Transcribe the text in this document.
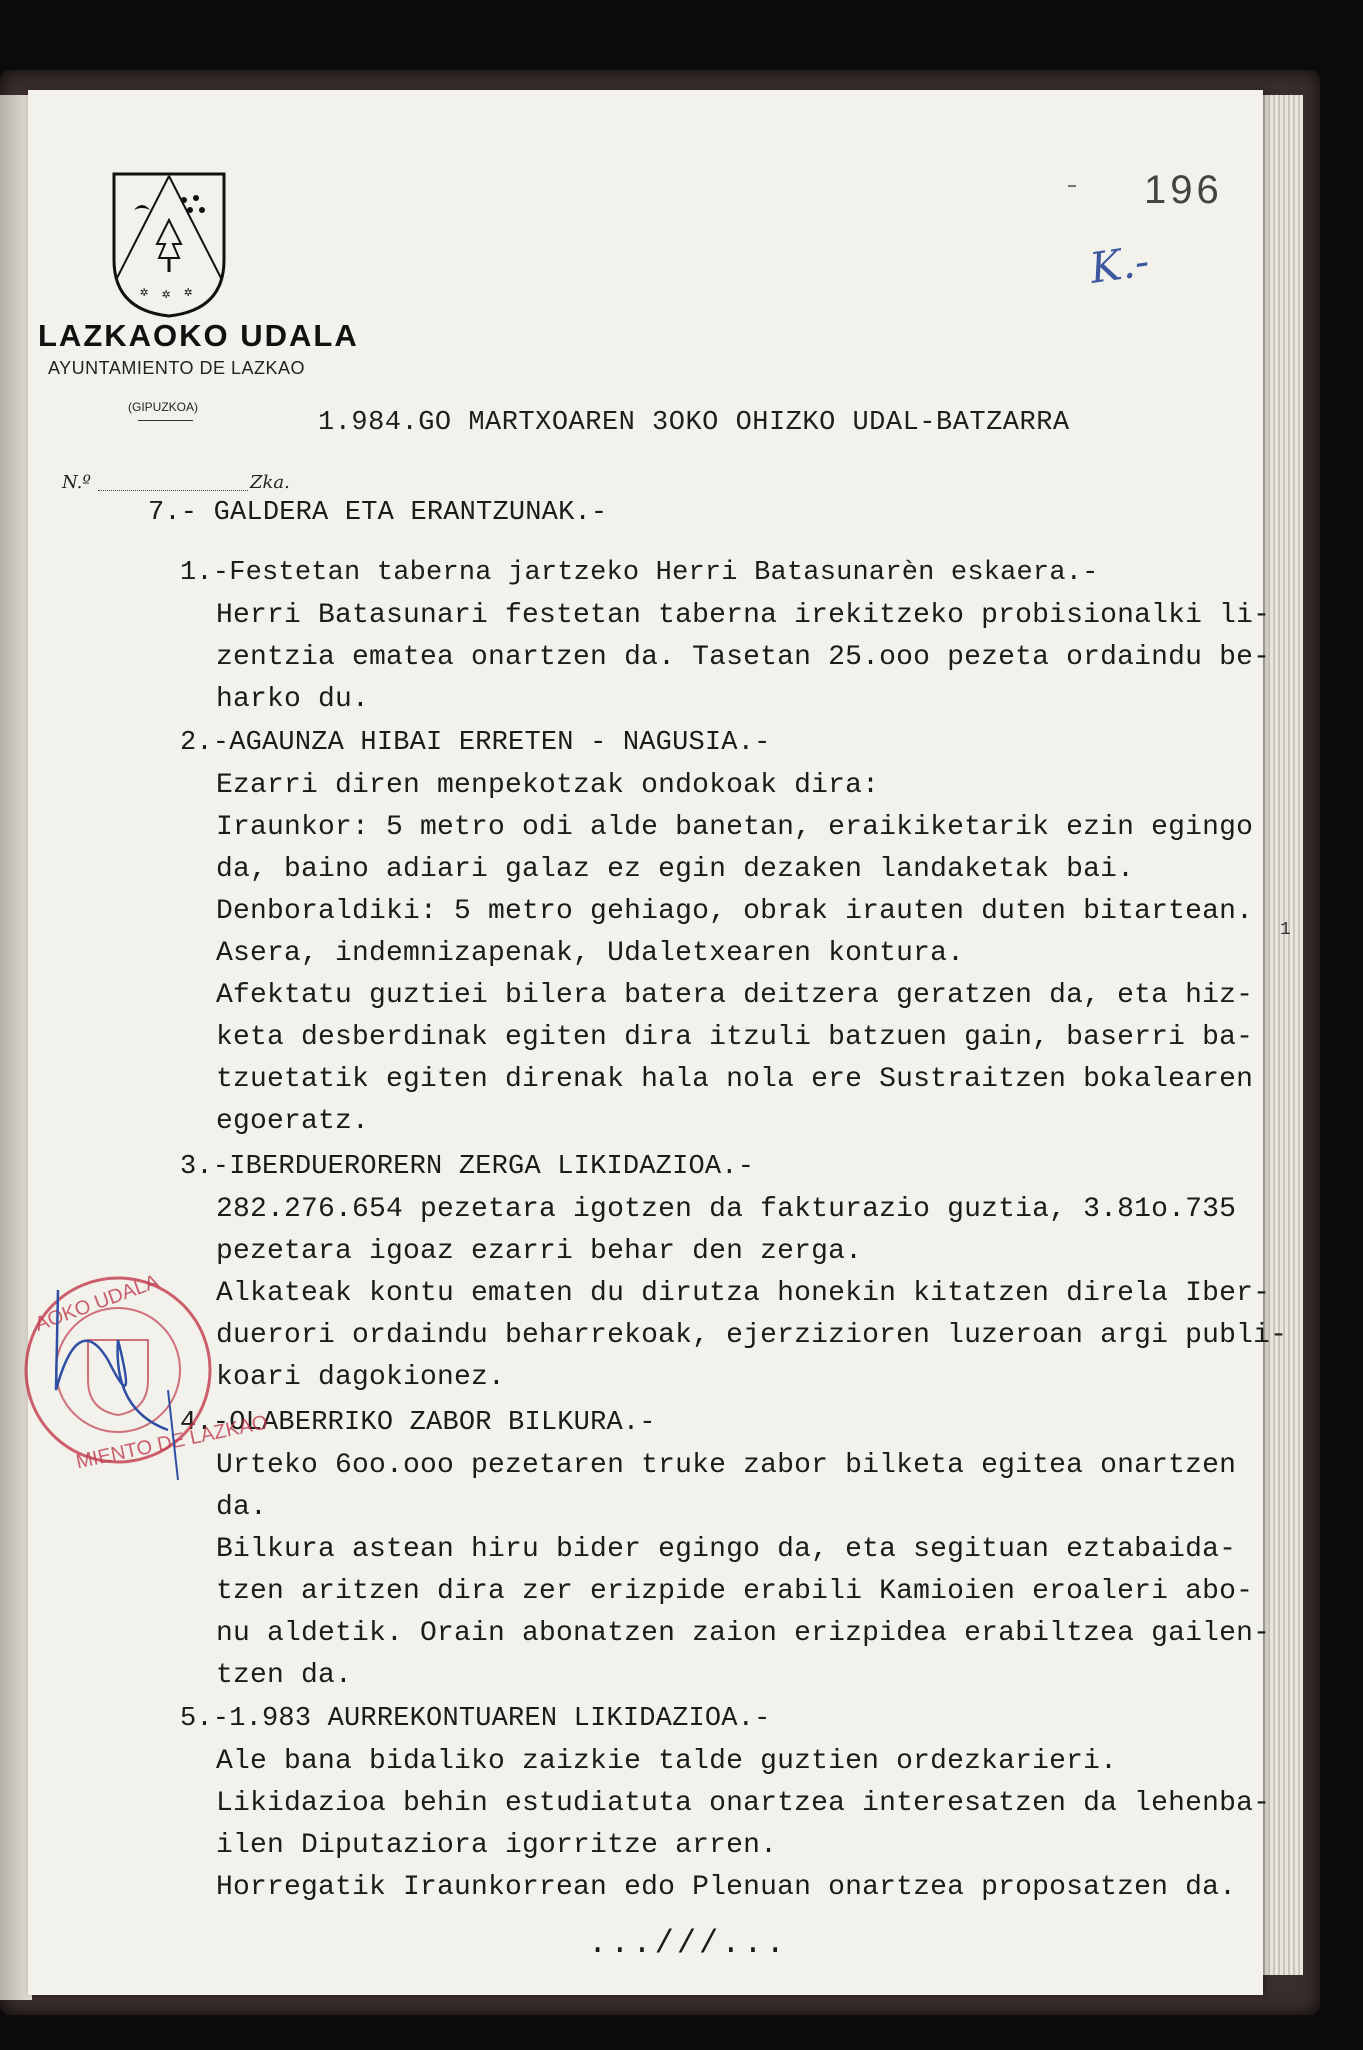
✲ ✲ ✲
LAZKAOKO UDALA
AYUNTAMIENTO DE LAZKAO
(GIPUZKOA)
196
K.-
1.984.GO MARTXOAREN 3OKO OHIZKO UDAL-BATZARRA
N.º	Zka.
7.- GALDERA ETA ERANTZUNAK.-
1.-Festetan taberna jartzeko Herri Batasunarèn eskaera.-
Herri Batasunari festetan taberna irekitzeko probisionalki li-
zentzia ematea onartzen da. Tasetan 25.ooo pezeta ordaindu be-
harko du.
2.-AGAUNZA HIBAI ERRETEN - NAGUSIA.-
Ezarri diren menpekotzak ondokoak dira:
Iraunkor: 5 metro odi alde banetan, eraikiketarik ezin egingo
da, baino adiari galaz ez egin dezaken landaketak bai.
Denboraldiki: 5 metro gehiago, obrak irauten duten bitartean.
Asera, indemnizapenak, Udaletxearen kontura.
Afektatu guztiei bilera batera deitzera geratzen da, eta hiz-
keta desberdinak egiten dira itzuli batzuen gain, baserri ba-
tzuetatik egiten direnak hala nola ere Sustraitzen bokalearen
egoeratz.
3.-IBERDUERORERN ZERGA LIKIDAZIOA.-
282.276.654 pezetara igotzen da fakturazio guztia, 3.81o.735
pezetara igoaz ezarri behar den zerga.
Alkateak kontu ematen du dirutza honekin kitatzen direla Iber-
duerori ordaindu beharrekoak, ejerzizioren luzeroan argi publi-
koari dagokionez.
4.-OLABERRIKO ZABOR BILKURA.-
Urteko 6oo.ooo pezetaren truke zabor bilketa egitea onartzen
da.
Bilkura astean hiru bider egingo da, eta segituan eztabaida-
tzen aritzen dira zer erizpide erabili Kamioien eroaleri abo-
nu aldetik. Orain abonatzen zaion erizpidea erabiltzea gailen-
tzen da.
5.-1.983 AURREKONTUAREN LIKIDAZIOA.-
Ale bana bidaliko zaizkie talde guztien ordezkarieri.
Likidazioa behin estudiatuta onartzea interesatzen da lehenba-
ilen Diputaziora igorritze arren.
Horregatik Iraunkorrean edo Plenuan onartzea proposatzen da.
...///...
1
AOKO UDALA
MIENTO DE LAZKAO
